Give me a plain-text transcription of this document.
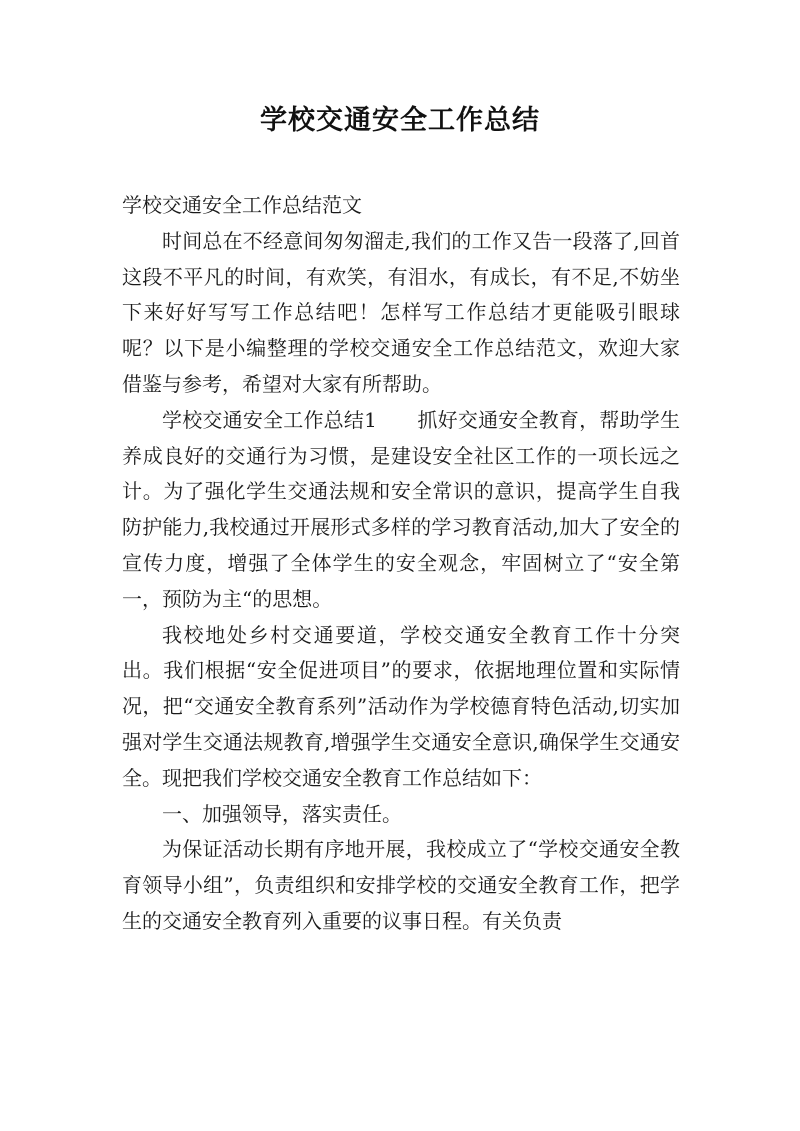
学校交通安全工作总结

学校交通安全工作总结范文

时间总在不经意间匆匆溜走,我们的工作又告一段落了,回首这段不平凡的时间，有欢笑，有泪水，有成长，有不足,不妨坐下来好好写写工作总结吧！怎样写工作总结才更能吸引眼球呢？以下是小编整理的学校交通安全工作总结范文，欢迎大家借鉴与参考，希望对大家有所帮助。

学校交通安全工作总结1　　抓好交通安全教育，帮助学生养成良好的交通行为习惯，是建设安全社区工作的一项长远之计。为了强化学生交通法规和安全常识的意识，提高学生自我防护能力,我校通过开展形式多样的学习教育活动,加大了安全的宣传力度，增强了全体学生的安全观念，牢固树立了“安全第一，预防为主“的思想。

我校地处乡村交通要道，学校交通安全教育工作十分突出。我们根据“安全促进项目”的要求，依据地理位置和实际情况，把“交通安全教育系列”活动作为学校德育特色活动,切实加强对学生交通法规教育,增强学生交通安全意识,确保学生交通安全。现把我们学校交通安全教育工作总结如下：

一、加强领导，落实责任。

为保证活动长期有序地开展，我校成立了“学校交通安全教育领导小组”，负责组织和安排学校的交通安全教育工作，把学生的交通安全教育列入重要的议事日程。有关负责
